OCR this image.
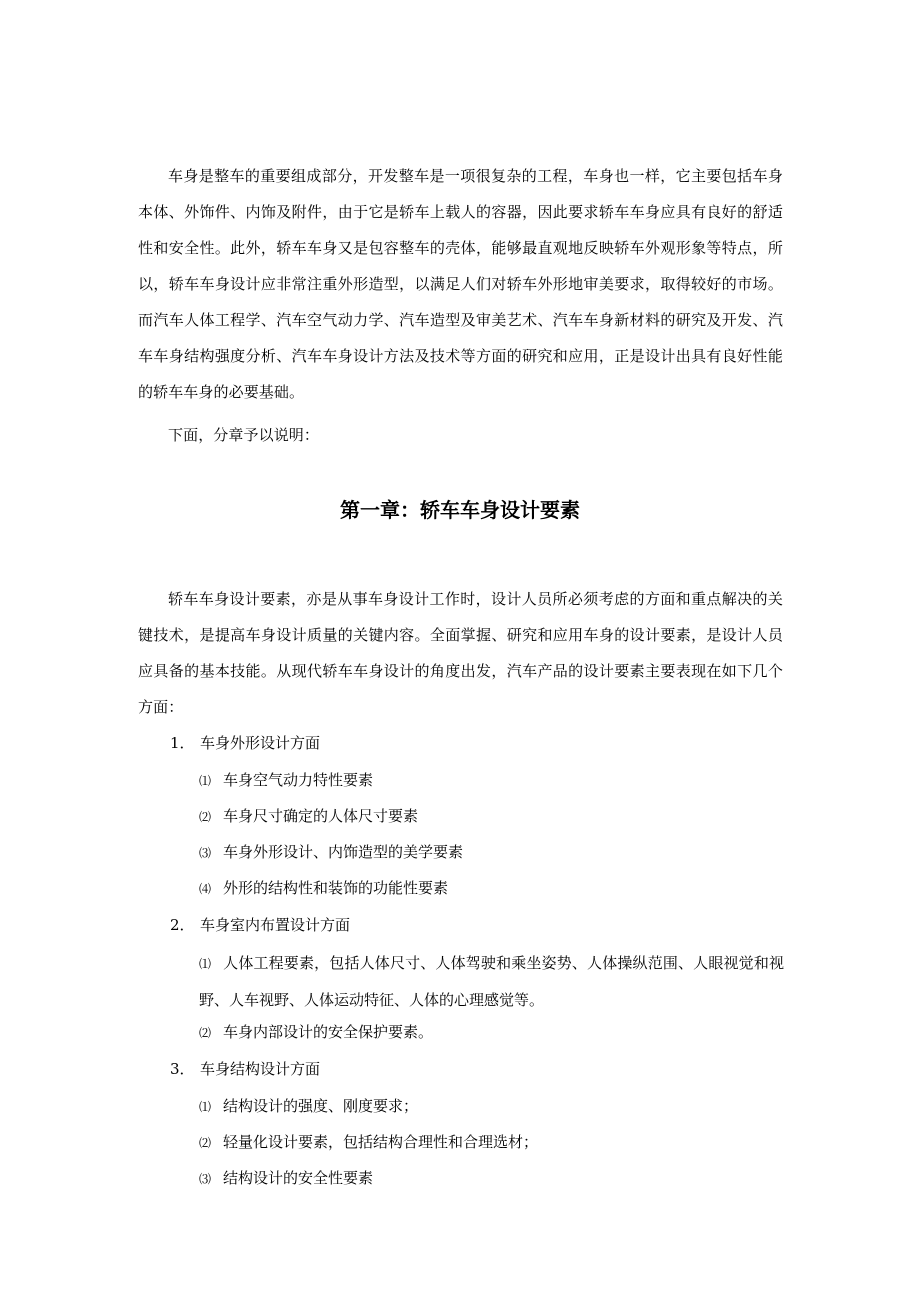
车身是整车的重要组成部分，开发整车是一项很复杂的工程，车身也一样，它主要包括车身本体、外饰件、内饰及附件，由于它是轿车上载人的容器，因此要求轿车车身应具有良好的舒适性和安全性。此外，轿车车身又是包容整车的壳体，能够最直观地反映轿车外观形象等特点，所以，轿车车身设计应非常注重外形造型，以满足人们对轿车外形地审美要求，取得较好的市场。而汽车人体工程学、汽车空气动力学、汽车造型及审美艺术、汽车车身新材料的研究及开发、汽车车身结构强度分析、汽车车身设计方法及技术等方面的研究和应用，正是设计出具有良好性能的轿车车身的必要基础。

下面，分章予以说明：

第一章：轿车车身设计要素

轿车车身设计要素，亦是从事车身设计工作时，设计人员所必须考虑的方面和重点解决的关键技术，是提高车身设计质量的关键内容。全面掌握、研究和应用车身的设计要素，是设计人员应具备的基本技能。从现代轿车车身设计的角度出发，汽车产品的设计要素主要表现在如下几个方面：

1． 车身外形设计方面
⑴ 车身空气动力特性要素
⑵ 车身尺寸确定的人体尺寸要素
⑶ 车身外形设计、内饰造型的美学要素
⑷ 外形的结构性和装饰的功能性要素
2． 车身室内布置设计方面
⑴ 人体工程要素，包括人体尺寸、人体驾驶和乘坐姿势、人体操纵范围、人眼视觉和视野、人车视野、人体运动特征、人体的心理感觉等。
⑵ 车身内部设计的安全保护要素。
3． 车身结构设计方面
⑴ 结构设计的强度、刚度要求；
⑵ 轻量化设计要素，包括结构合理性和合理选材；
⑶ 结构设计的安全性要素
